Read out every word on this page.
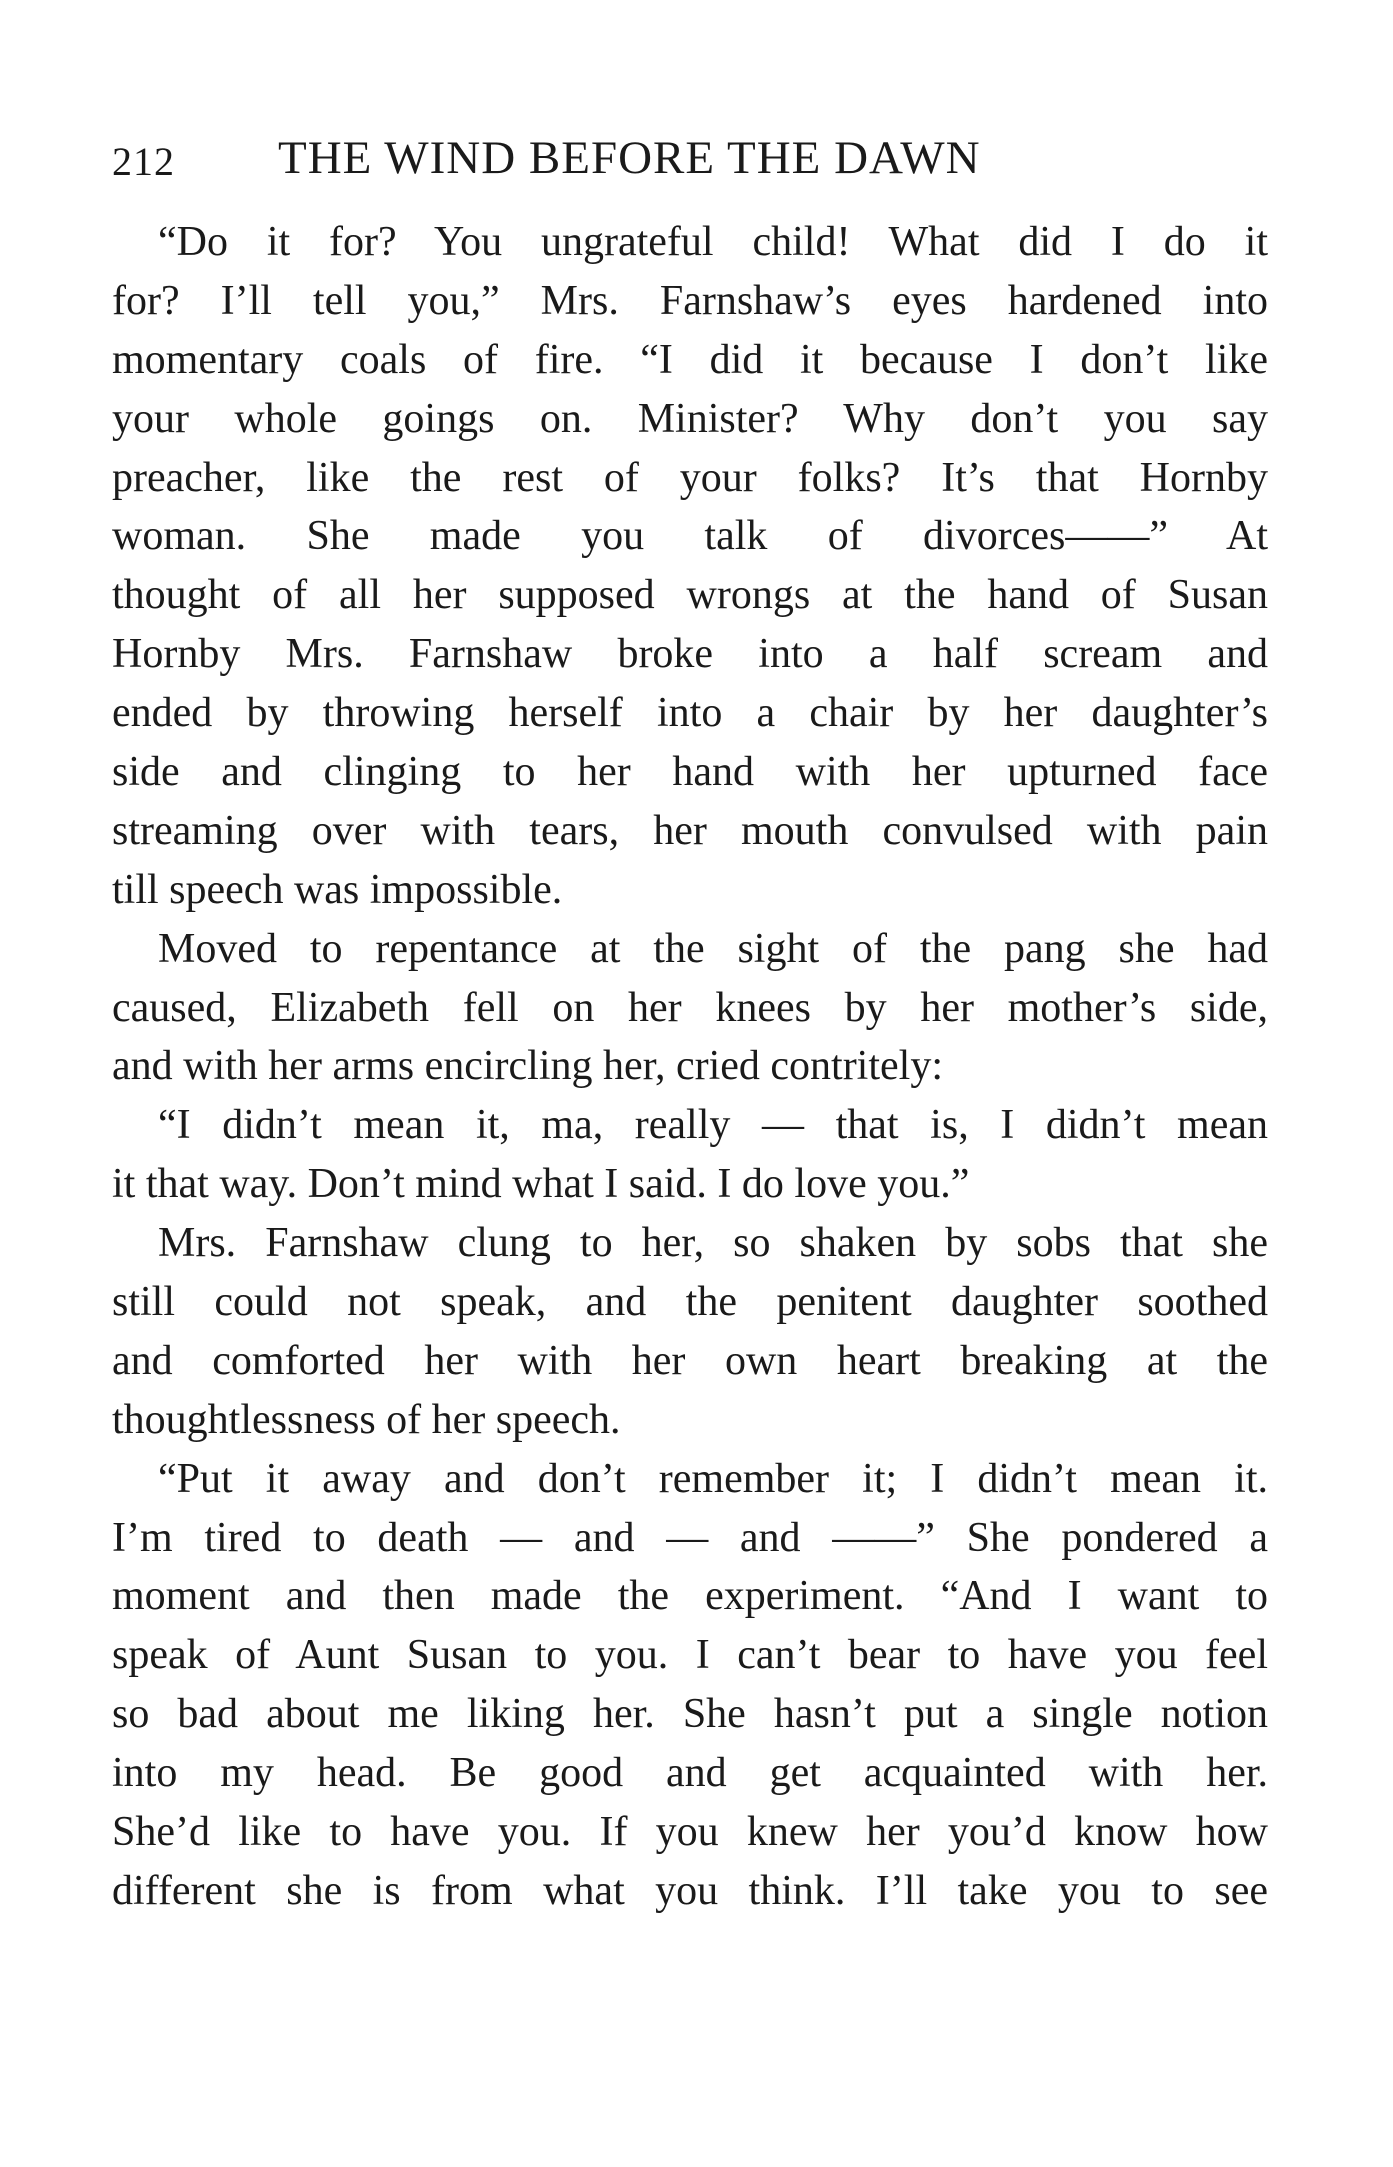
212 THE WIND BEFORE THE DAWN
“Do it for? You ungrateful child! What did I do it
for? I’ll tell you,” Mrs. Farnshaw’s eyes hardened into
momentary coals of fire. “I did it because I don’t like
your whole goings on. Minister? Why don’t you say
preacher, like the rest of your folks? It’s that Hornby
woman. She made you talk of divorces——” At
thought of all her supposed wrongs at the hand of Susan
Hornby Mrs. Farnshaw broke into a half scream and
ended by throwing herself into a chair by her daughter’s
side and clinging to her hand with her upturned face
streaming over with tears, her mouth convulsed with pain
till speech was impossible.
Moved to repentance at the sight of the pang she had
caused, Elizabeth fell on her knees by her mother’s side,
and with her arms encircling her, cried contritely:
“I didn’t mean it, ma, really — that is, I didn’t mean
it that way. Don’t mind what I said. I do love you.”
Mrs. Farnshaw clung to her, so shaken by sobs that she
still could not speak, and the penitent daughter soothed
and comforted her with her own heart breaking at the
thoughtlessness of her speech.
“Put it away and don’t remember it; I didn’t mean it.
I’m tired to death — and — and ——” She pondered a
moment and then made the experiment. “And I want to
speak of Aunt Susan to you. I can’t bear to have you feel
so bad about me liking her. She hasn’t put a single notion
into my head. Be good and get acquainted with her.
She’d like to have you. If you knew her you’d know how
different she is from what you think. I’ll take you to see
